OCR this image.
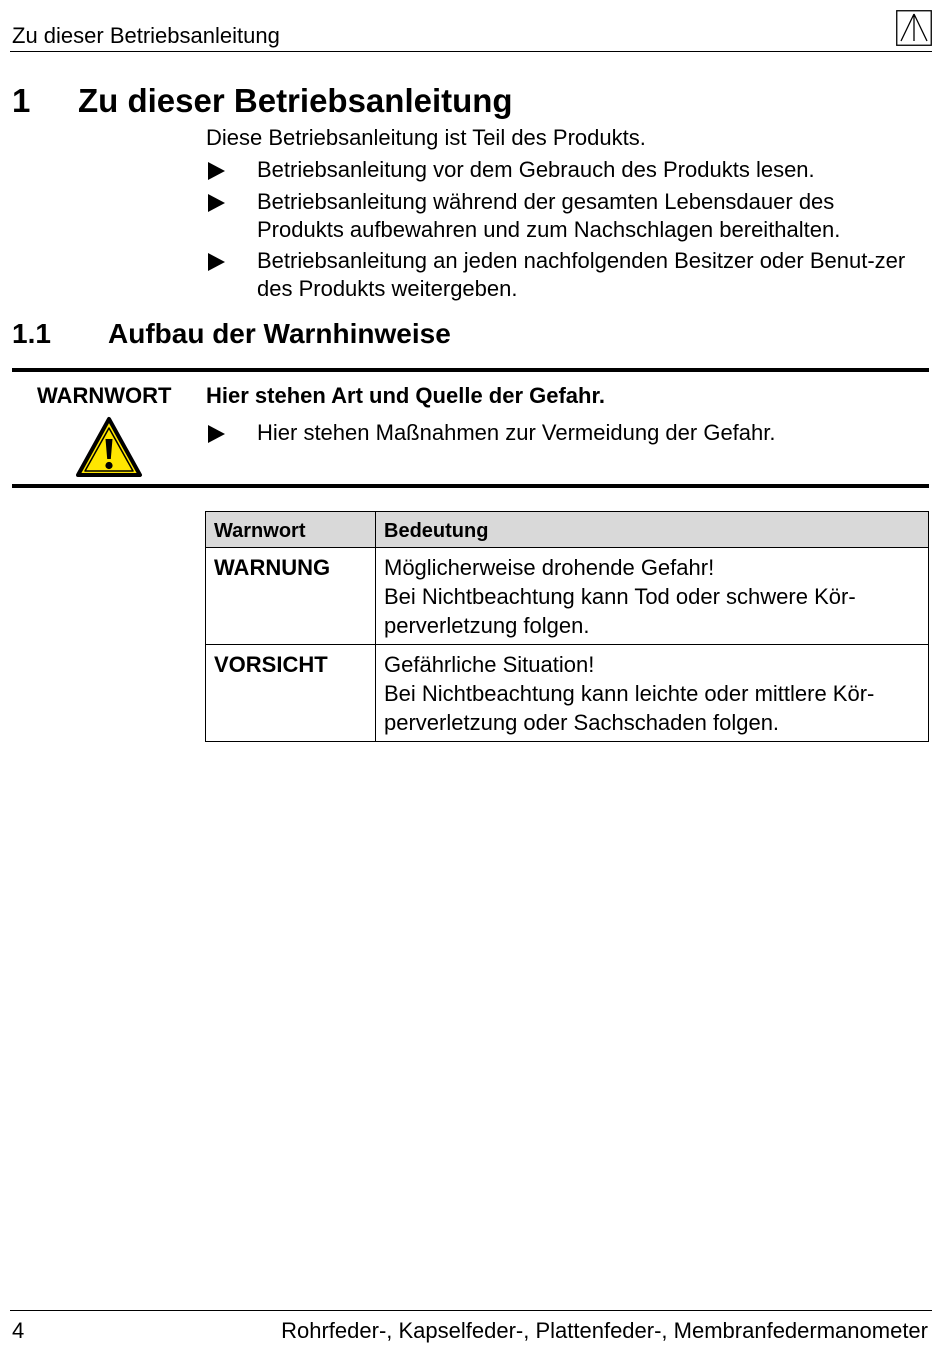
Zu dieser Betriebsanleitung
1 Zu dieser Betriebsanleitung
Diese Betriebsanleitung ist Teil des Produkts.
Betriebsanleitung vor dem Gebrauch des Produkts lesen.
Betriebsanleitung während der gesamten Lebensdauer des Produkts aufbewahren und zum Nachschlagen bereithalten.
Betriebsanleitung an jeden nachfolgenden Besitzer oder Benut-zer des Produkts weitergeben.
1.1 Aufbau der Warnhinweise
WARNWORT Hier stehen Art und Quelle der Gefahr.
Hier stehen Maßnahmen zur Vermeidung der Gefahr.
Warnwort	Bedeutung
WARNUNG	Möglicherweise drohende Gefahr!
Bei Nichtbeachtung kann Tod oder schwere Kör-perverletzung folgen.
VORSICHT	Gefährliche Situation!
Bei Nichtbeachtung kann leichte oder mittlere Kör-perverletzung oder Sachschaden folgen.
4	Rohrfeder-, Kapselfeder-, Plattenfeder-, Membranfedermanometer
